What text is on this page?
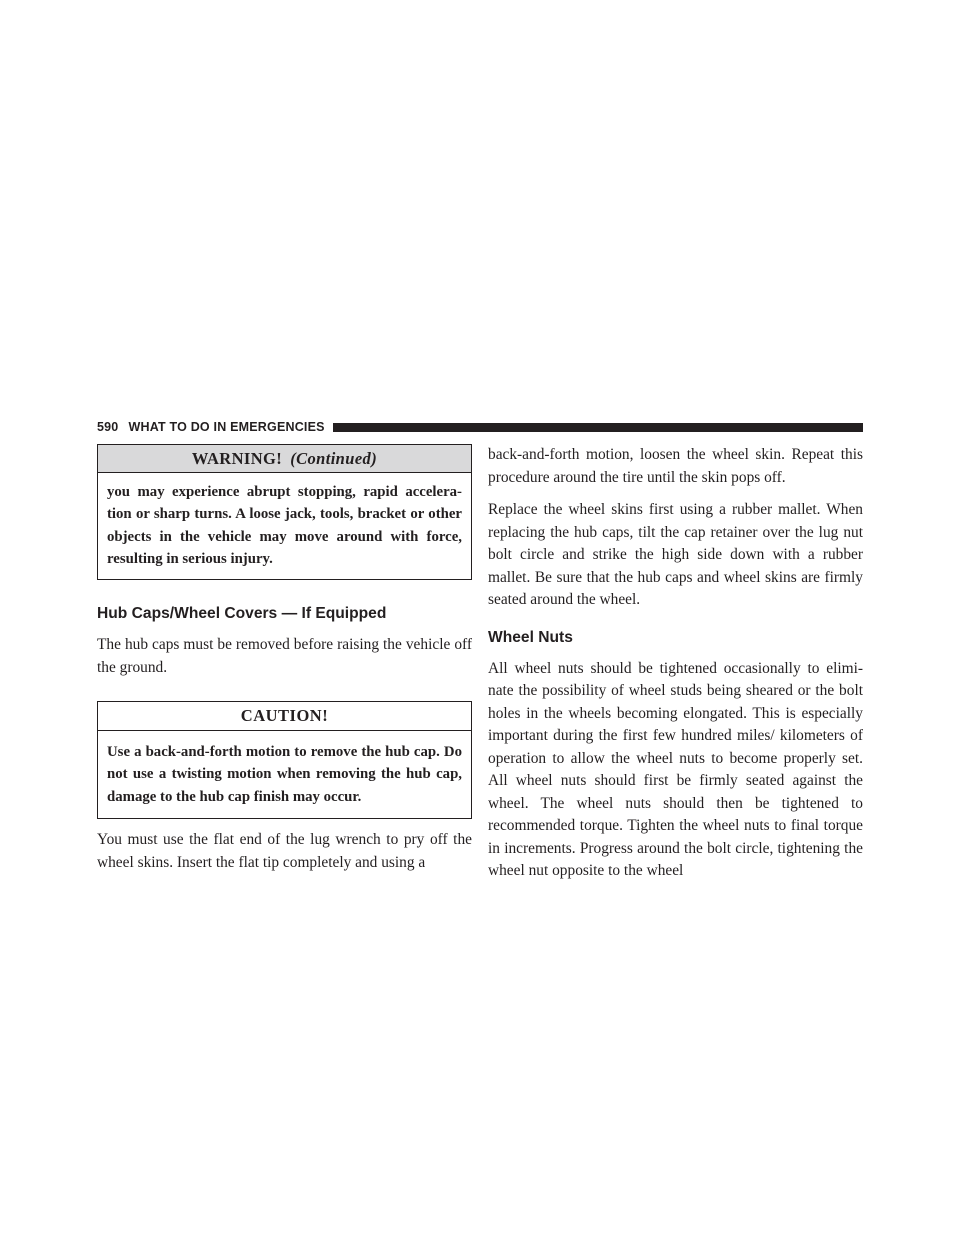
590 WHAT TO DO IN EMERGENCIES
WARNING! (Continued)
you may experience abrupt stopping, rapid accelera-tion or sharp turns. A loose jack, tools, bracket or other objects in the vehicle may move around with force, resulting in serious injury.
Hub Caps/Wheel Covers — If Equipped

The hub caps must be removed before raising the vehicle off the ground.

CAUTION!
Use a back-and-forth motion to remove the hub cap. Do not use a twisting motion when removing the hub cap, damage to the hub cap finish may occur.

You must use the flat end of the lug wrench to pry off the wheel skins. Insert the flat tip completely and using a

back-and-forth motion, loosen the wheel skin. Repeat this procedure around the tire until the skin pops off.

Replace the wheel skins first using a rubber mallet. When replacing the hub caps, tilt the cap retainer over the lug nut bolt circle and strike the high side down with a rubber mallet. Be sure that the hub caps and wheel skins are firmly seated around the wheel.

Wheel Nuts

All wheel nuts should be tightened occasionally to elimi-nate the possibility of wheel studs being sheared or the bolt holes in the wheels becoming elongated. This is especially important during the first few hundred miles/ kilometers of operation to allow the wheel nuts to become properly set. All wheel nuts should first be firmly seated against the wheel. The wheel nuts should then be tightened to recommended torque. Tighten the wheel nuts to final torque in increments. Progress around the bolt circle, tightening the wheel nut opposite to the wheel
